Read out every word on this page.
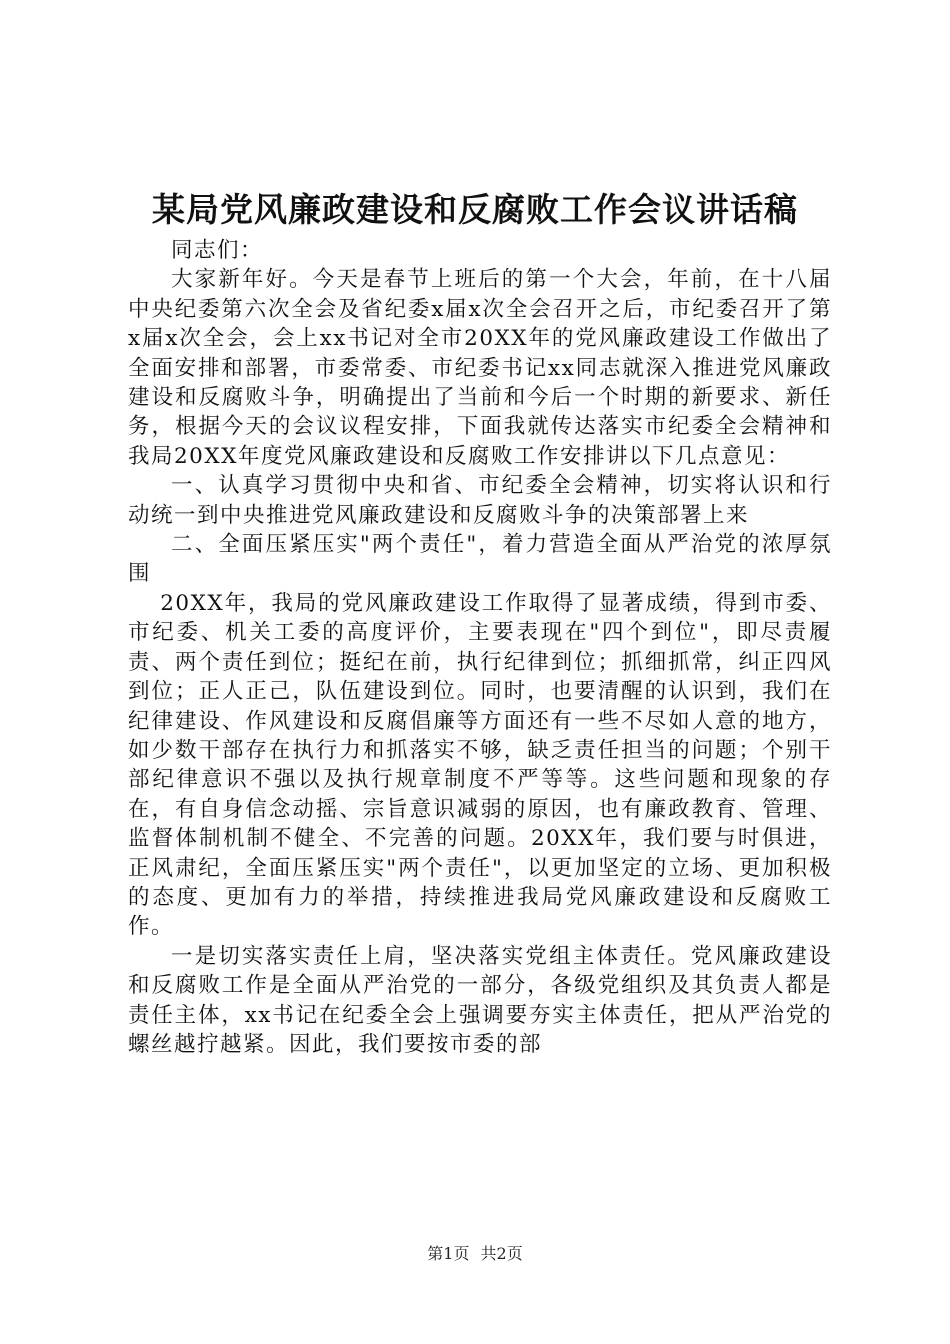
某局党风廉政建设和反腐败工作会议讲话稿

同志们：

大家新年好。今天是春节上班后的第一个大会，年前，在十八届中央纪委第六次全会及省纪委x届x次全会召开之后，市纪委召开了第x届x次全会，会上xx书记对全市20XX年的党风廉政建设工作做出了全面安排和部署，市委常委、市纪委书记xx同志就深入推进党风廉政建设和反腐败斗争，明确提出了当前和今后一个时期的新要求、新任务，根据今天的会议议程安排，下面我就传达落实市纪委全会精神和我局20XX年度党风廉政建设和反腐败工作安排讲以下几点意见：

一、认真学习贯彻中央和省、市纪委全会精神，切实将认识和行动统一到中央推进党风廉政建设和反腐败斗争的决策部署上来

二、全面压紧压实"两个责任"，着力营造全面从严治党的浓厚氛围

20XX年，我局的党风廉政建设工作取得了显著成绩，得到市委、市纪委、机关工委的高度评价，主要表现在"四个到位"，即尽责履责、两个责任到位；挺纪在前，执行纪律到位；抓细抓常，纠正四风到位；正人正己，队伍建设到位。同时，也要清醒的认识到，我们在纪律建设、作风建设和反腐倡廉等方面还有一些不尽如人意的地方，如少数干部存在执行力和抓落实不够，缺乏责任担当的问题；个别干部纪律意识不强以及执行规章制度不严等等。这些问题和现象的存在，有自身信念动摇、宗旨意识减弱的原因，也有廉政教育、管理、监督体制机制不健全、不完善的问题。20XX年，我们要与时俱进，正风肃纪，全面压紧压实"两个责任"，以更加坚定的立场、更加积极的态度、更加有力的举措，持续推进我局党风廉政建设和反腐败工作。

一是切实落实责任上肩，坚决落实党组主体责任。党风廉政建设和反腐败工作是全面从严治党的一部分，各级党组织及其负责人都是责任主体，xx书记在纪委全会上强调要夯实主体责任，把从严治党的螺丝越拧越紧。因此，我们要按市委的部

第1页 共2页
